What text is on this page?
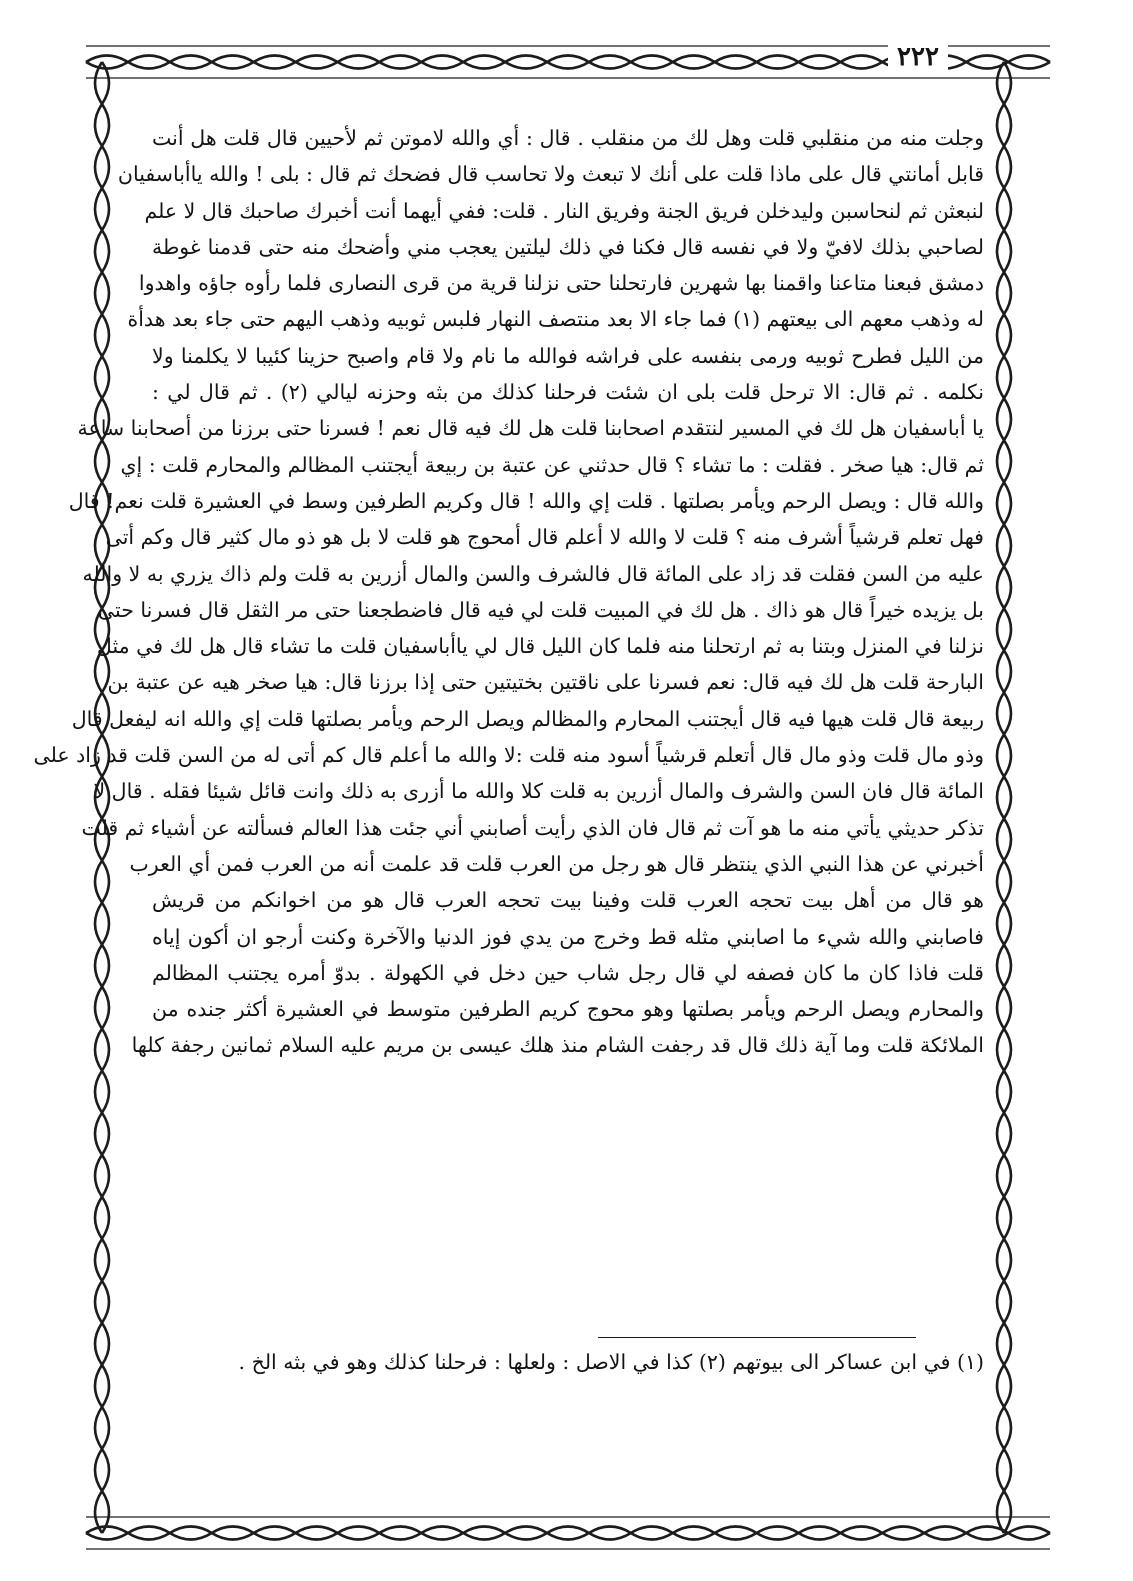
٢٢٢
وجلت منه من منقلبي قلت وهل لك من منقلب . قال : أي والله لاموتن ثم لأحيين قال قلت هل أنت
قابل أمانتي قال على ماذا قلت على أنك لا تبعث ولا تحاسب قال فضحك ثم قال : بلى ! والله ياأباسفيان
لنبعثن ثم لنحاسبن وليدخلن فريق الجنة وفريق النار . قلت: ففي أيهما أنت أخبرك صاحبك قال لا علم
لصاحبي بذلك لافيّ ولا في نفسه قال فكنا في ذلك ليلتين يعجب مني وأضحك منه حتى قدمنا غوطة
دمشق فبعنا متاعنا واقمنا بها شهرين فارتحلنا حتى نزلنا قرية من قرى النصارى فلما رأوه جاؤه واهدوا
له وذهب معهم الى بيعتهم (١) فما جاء الا بعد منتصف النهار فلبس ثوبيه وذهب اليهم حتى جاء بعد هدأة
من الليل فطرح ثوبيه ورمى بنفسه على فراشه فوالله ما نام ولا قام واصبح حزينا كئيبا لا يكلمنا ولا
نكلمه . ثم قال: الا ترحل قلت بلى ان شئت فرحلنا كذلك من بثه وحزنه ليالي (٢) . ثم قال لي :
يا أباسفيان هل لك في المسير لنتقدم اصحابنا قلت هل لك فيه قال نعم ! فسرنا حتى برزنا من أصحابنا ساعة
ثم قال: هيا صخر . فقلت : ما تشاء ؟ قال حدثني عن عتبة بن ربيعة أيجتنب المظالم والمحارم قلت : إي
والله قال : ويصل الرحم ويأمر بصلتها . قلت إي والله ! قال وكريم الطرفين وسط في العشيرة قلت نعم! قال
فهل تعلم قرشياً أشرف منه ؟ قلت لا والله لا أعلم قال أمحوج هو قلت لا بل هو ذو مال كثير قال وكم أتى
عليه من السن فقلت قد زاد على المائة قال فالشرف والسن والمال أزرين به قلت ولم ذاك يزري به لا والله
بل يزيده خيراً قال هو ذاك . هل لك في المبيت قلت لي فيه قال فاضطجعنا حتى مر الثقل قال فسرنا حتى
نزلنا في المنزل وبتنا به ثم ارتحلنا منه فلما كان الليل قال لي ياأباسفيان قلت ما تشاء قال هل لك في مثل
البارحة قلت هل لك فيه قال: نعم فسرنا على ناقتين بختيتين حتى إذا برزنا قال: هيا صخر هيه عن عتبة بن
ربيعة قال قلت هيها فيه قال أيجتنب المحارم والمظالم ويصل الرحم ويأمر بصلتها قلت إي والله انه ليفعل قال
وذو مال قلت وذو مال قال أتعلم قرشياً أسود منه قلت :لا والله ما أعلم قال كم أتى له من السن قلت قد زاد على
المائة قال فان السن والشرف والمال أزرين به قلت كلا والله ما أزرى به ذلك وانت قائل شيئا فقله . قال لا
تذكر حديثي يأتي منه ما هو آت ثم قال فان الذي رأيت أصابني أني جئت هذا العالم فسألته عن أشياء ثم قلت
أخبرني عن هذا النبي الذي ينتظر قال هو رجل من العرب قلت قد علمت أنه من العرب فمن أي العرب
هو قال من أهل بيت تحجه العرب قلت وفينا بيت تحجه العرب قال هو من اخوانكم من قريش
فاصابني والله شيء ما اصابني مثله قط وخرج من يدي فوز الدنيا والآخرة وكنت أرجو ان أكون إياه
قلت فاذا كان ما كان فصفه لي قال رجل شاب حين دخل في الكهولة . بدوّ أمره يجتنب المظالم
والمحارم ويصل الرحم ويأمر بصلتها وهو محوج كريم الطرفين متوسط في العشيرة أكثر جنده من
الملائكة قلت وما آية ذلك قال قد رجفت الشام منذ هلك عيسى بن مريم عليه السلام ثمانين رجفة كلها
(١) في ابن عساكر الى بيوتهم (٢) كذا في الاصل : ولعلها : فرحلنا كذلك وهو في بثه الخ .
